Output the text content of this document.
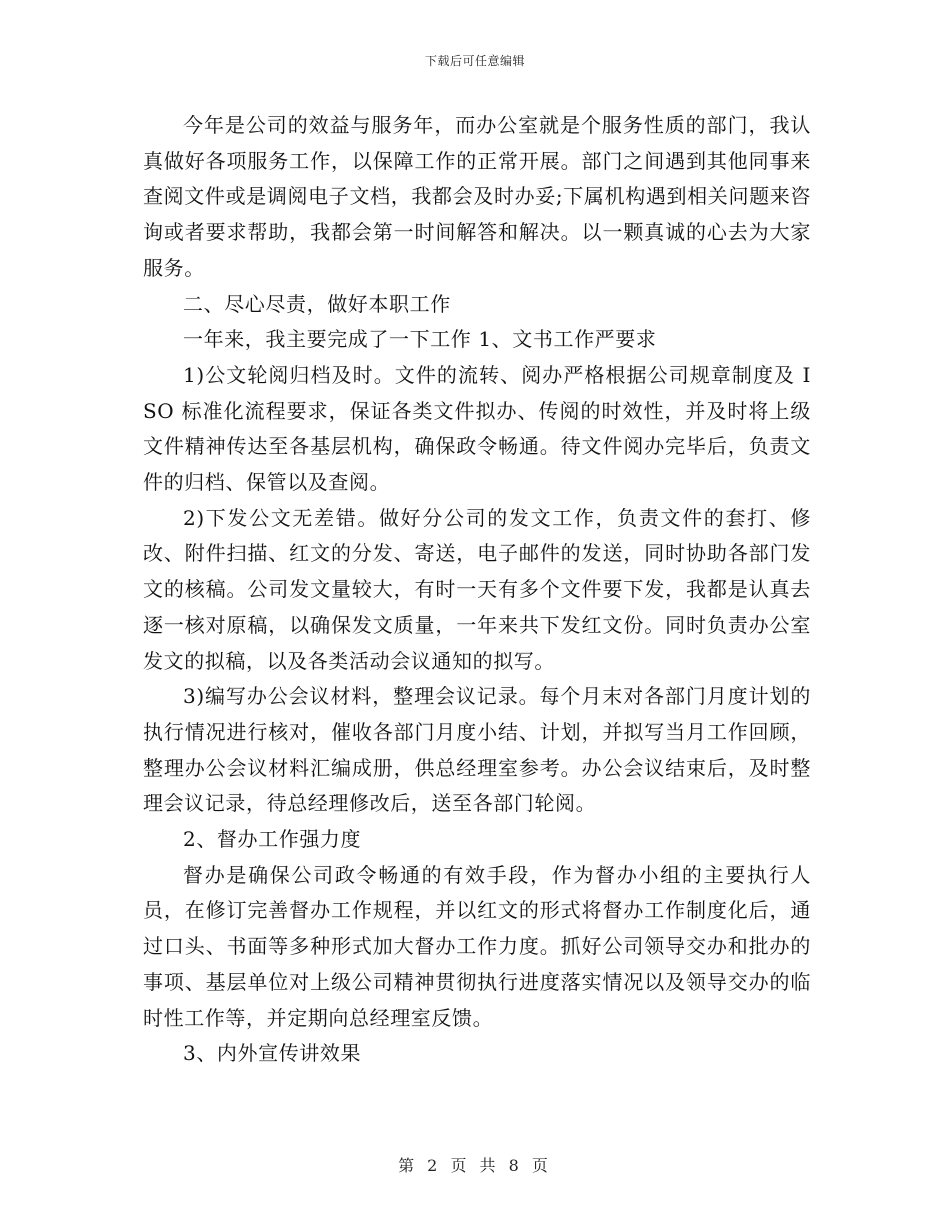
下载后可任意编辑

今年是公司的效益与服务年，而办公室就是个服务性质的部门，我认真做好各项服务工作，以保障工作的正常开展。部门之间遇到其他同事来查阅文件或是调阅电子文档，我都会及时办妥;下属机构遇到相关问题来咨询或者要求帮助，我都会第一时间解答和解决。以一颗真诚的心去为大家服务。

二、尽心尽责，做好本职工作

一年来，我主要完成了一下工作 1、文书工作严要求

1)公文轮阅归档及时。文件的流转、阅办严格根据公司规章制度及 ISO 标准化流程要求，保证各类文件拟办、传阅的时效性，并及时将上级文件精神传达至各基层机构，确保政令畅通。待文件阅办完毕后，负责文件的归档、保管以及查阅。

2)下发公文无差错。做好分公司的发文工作，负责文件的套打、修改、附件扫描、红文的分发、寄送，电子邮件的发送，同时协助各部门发文的核稿。公司发文量较大，有时一天有多个文件要下发，我都是认真去逐一核对原稿，以确保发文质量，一年来共下发红文份。同时负责办公室发文的拟稿，以及各类活动会议通知的拟写。

3)编写办公会议材料，整理会议记录。每个月末对各部门月度计划的执行情况进行核对，催收各部门月度小结、计划，并拟写当月工作回顾，整理办公会议材料汇编成册，供总经理室参考。办公会议结束后，及时整理会议记录，待总经理修改后，送至各部门轮阅。

2、督办工作强力度

督办是确保公司政令畅通的有效手段，作为督办小组的主要执行人员，在修订完善督办工作规程，并以红文的形式将督办工作制度化后，通过口头、书面等多种形式加大督办工作力度。抓好公司领导交办和批办的事项、基层单位对上级公司精神贯彻执行进度落实情况以及领导交办的临时性工作等，并定期向总经理室反馈。

3、内外宣传讲效果

第 2 页 共 8 页
